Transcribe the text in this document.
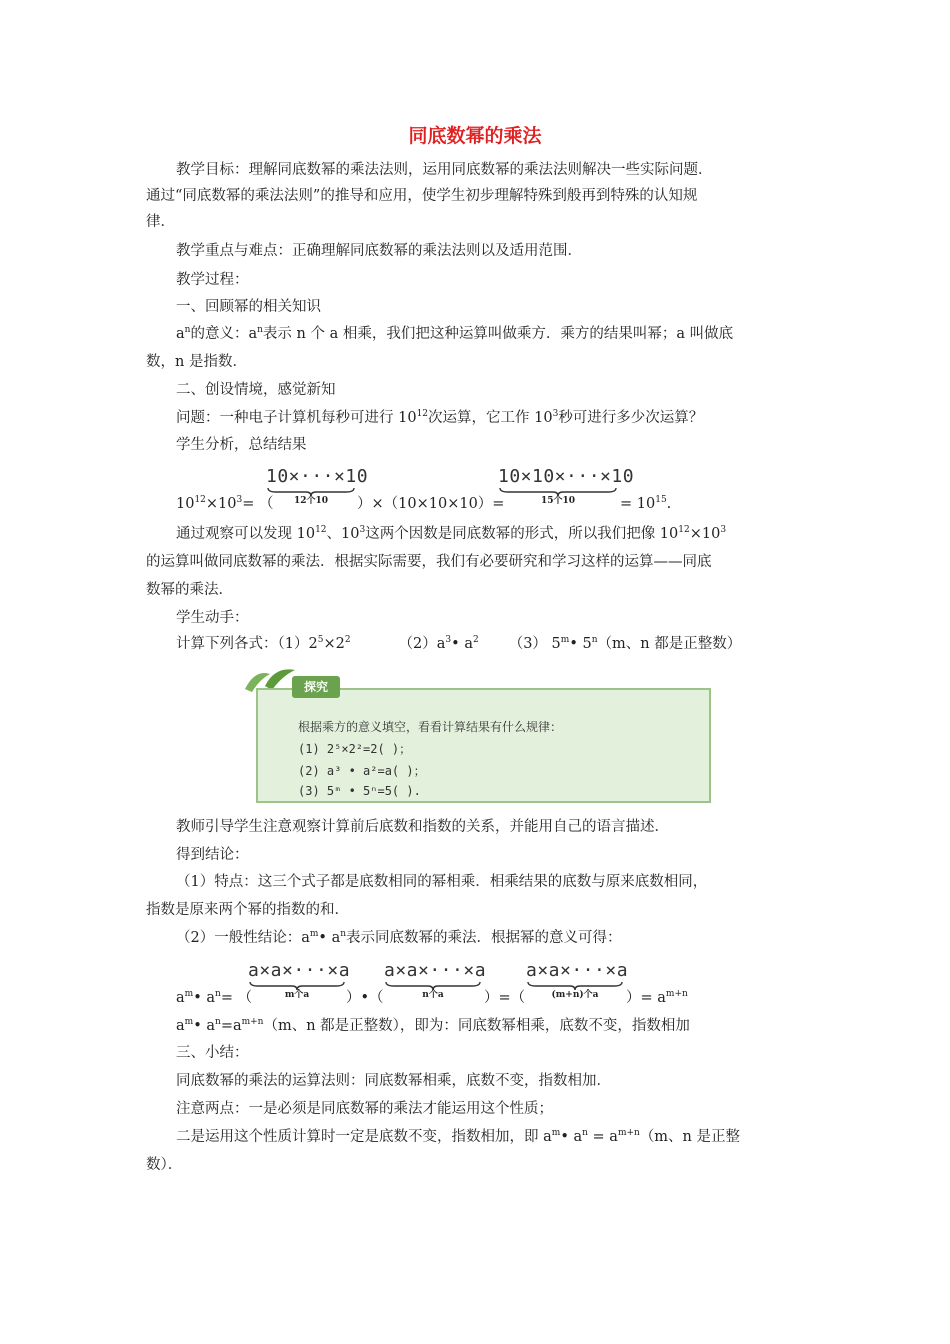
同底数幂的乘法
教学目标：理解同底数幂的乘法法则，运用同底数幂的乘法法则解决一些实际问题．
通过“同底数幂的乘法法则”的推导和应用，使学生初步理解特殊到般再到特殊的认知规
律．
教学重点与难点：正确理解同底数幂的乘法法则以及适用范围．
教学过程：
一、回顾幂的相关知识
$a^n$的意义：$a^n$表示 n 个 a 相乘，我们把这种运算叫做乘方．乘方的结果叫幂；a 叫做底
数，n 是指数．
二、创设情境，感觉新知
问题：一种电子计算机每秒可进行 $10^{12}$次运算，它工作 $10^3$秒可进行多少次运算？
学生分析，总结结果
10×···×10
12个10
10×10×···×10
15个10
$10^{12}\times 10^3=$ （	）×（10×10×10）=	= $10^{15}$.
通过观察可以发现 $10^{12}$、$10^3$这两个因数是同底数幂的形式，所以我们把像 $10^{12}\times 10^3$
的运算叫做同底数幂的乘法．根据实际需要，我们有必要研究和学习这样的运算——同底
数幂的乘法．
学生动手：
计算下列各式：$(1)2^5\times 2^2$	$(2)a^3•$ $a^2$ （3） 5$^m$• 5$^n$（m、n 都是正整数）
探究
根据乘方的意义填空，看看计算结果有什么规律：
(1) 2⁵×2²=2( )；
(2) a³ • a²=a( )；
(3) 5ᵐ • 5ⁿ=5( ).
教师引导学生注意观察计算前后底数和指数的关系，并能用自己的语言描述．
得到结论：
（1）特点：这三个式子都是底数相同的幂相乘．相乘结果的底数与原来底数相同，
指数是原来两个幂的指数的和．
（2）一般性结论：$a^m•$ $a^n$表示同底数幂的乘法．根据幂的意义可得：
a×a×···×a
m个a
a×a×···×a
n个a
a×a×···×a
(m+n)个a
$a^m•$ $a^n=$ （	）•（	）=（	）= $a^{m+n}$
$a^m•$ $a^n=a^{m+n}(m$、n 都是正整数），即为：同底数幂相乘，底数不变，指数相加
三、小结：
同底数幂的乘法的运算法则：同底数幂相乘，底数不变，指数相加．
注意两点：一是必须是同底数幂的乘法才能运用这个性质；
二是运用这个性质计算时一定是底数不变，指数相加，即 $a^m•$ $a^n = a^{m+n}(m$、n 是正整
数）．
